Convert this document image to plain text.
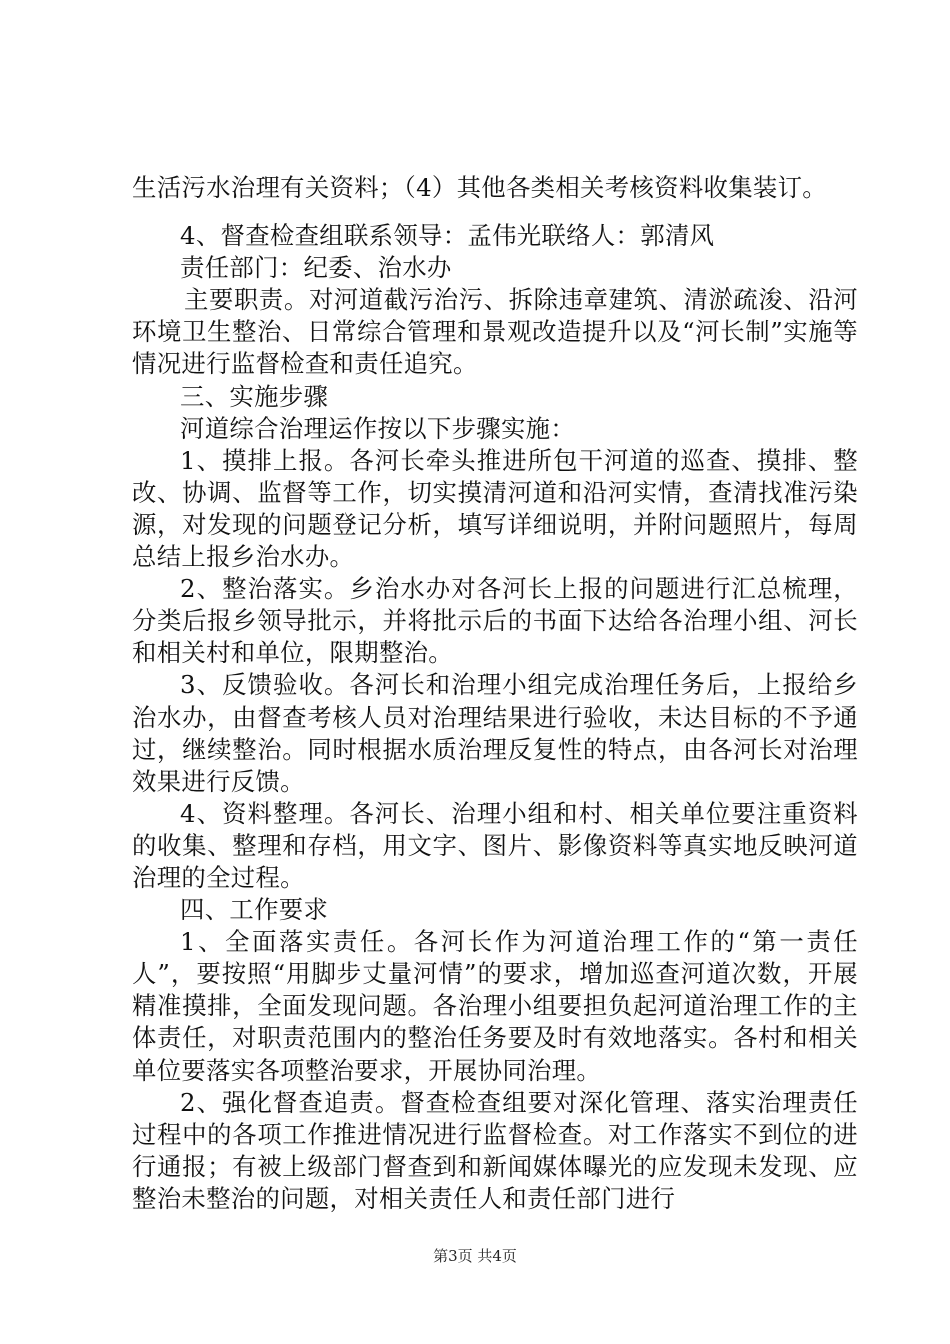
生活污水治理有关资料；（4）其他各类相关考核资料收集装订。

4、督查检查组联系领导：孟伟光联络人：郭清风

责任部门：纪委、治水办

主要职责。对河道截污治污、拆除违章建筑、清淤疏浚、沿河环境卫生整治、日常综合管理和景观改造提升以及“河长制”实施等情况进行监督检查和责任追究。

三、实施步骤

河道综合治理运作按以下步骤实施：

1、摸排上报。各河长牵头推进所包干河道的巡查、摸排、整改、协调、监督等工作，切实摸清河道和沿河实情，查清找准污染源，对发现的问题登记分析，填写详细说明，并附问题照片，每周总结上报乡治水办。

2、整治落实。乡治水办对各河长上报的问题进行汇总梳理，分类后报乡领导批示，并将批示后的书面下达给各治理小组、河长和相关村和单位，限期整治。

3、反馈验收。各河长和治理小组完成治理任务后，上报给乡治水办，由督查考核人员对治理结果进行验收，未达目标的不予通过，继续整治。同时根据水质治理反复性的特点，由各河长对治理效果进行反馈。

4、资料整理。各河长、治理小组和村、相关单位要注重资料的收集、整理和存档，用文字、图片、影像资料等真实地反映河道治理的全过程。

四、工作要求

1、全面落实责任。各河长作为河道治理工作的“第一责任人”，要按照“用脚步丈量河情”的要求，增加巡查河道次数，开展精准摸排，全面发现问题。各治理小组要担负起河道治理工作的主体责任，对职责范围内的整治任务要及时有效地落实。各村和相关单位要落实各项整治要求，开展协同治理。

2、强化督查追责。督查检查组要对深化管理、落实治理责任过程中的各项工作推进情况进行监督检查。对工作落实不到位的进行通报；有被上级部门督查到和新闻媒体曝光的应发现未发现、应整治未整治的问题，对相关责任人和责任部门进行

第3页 共4页
